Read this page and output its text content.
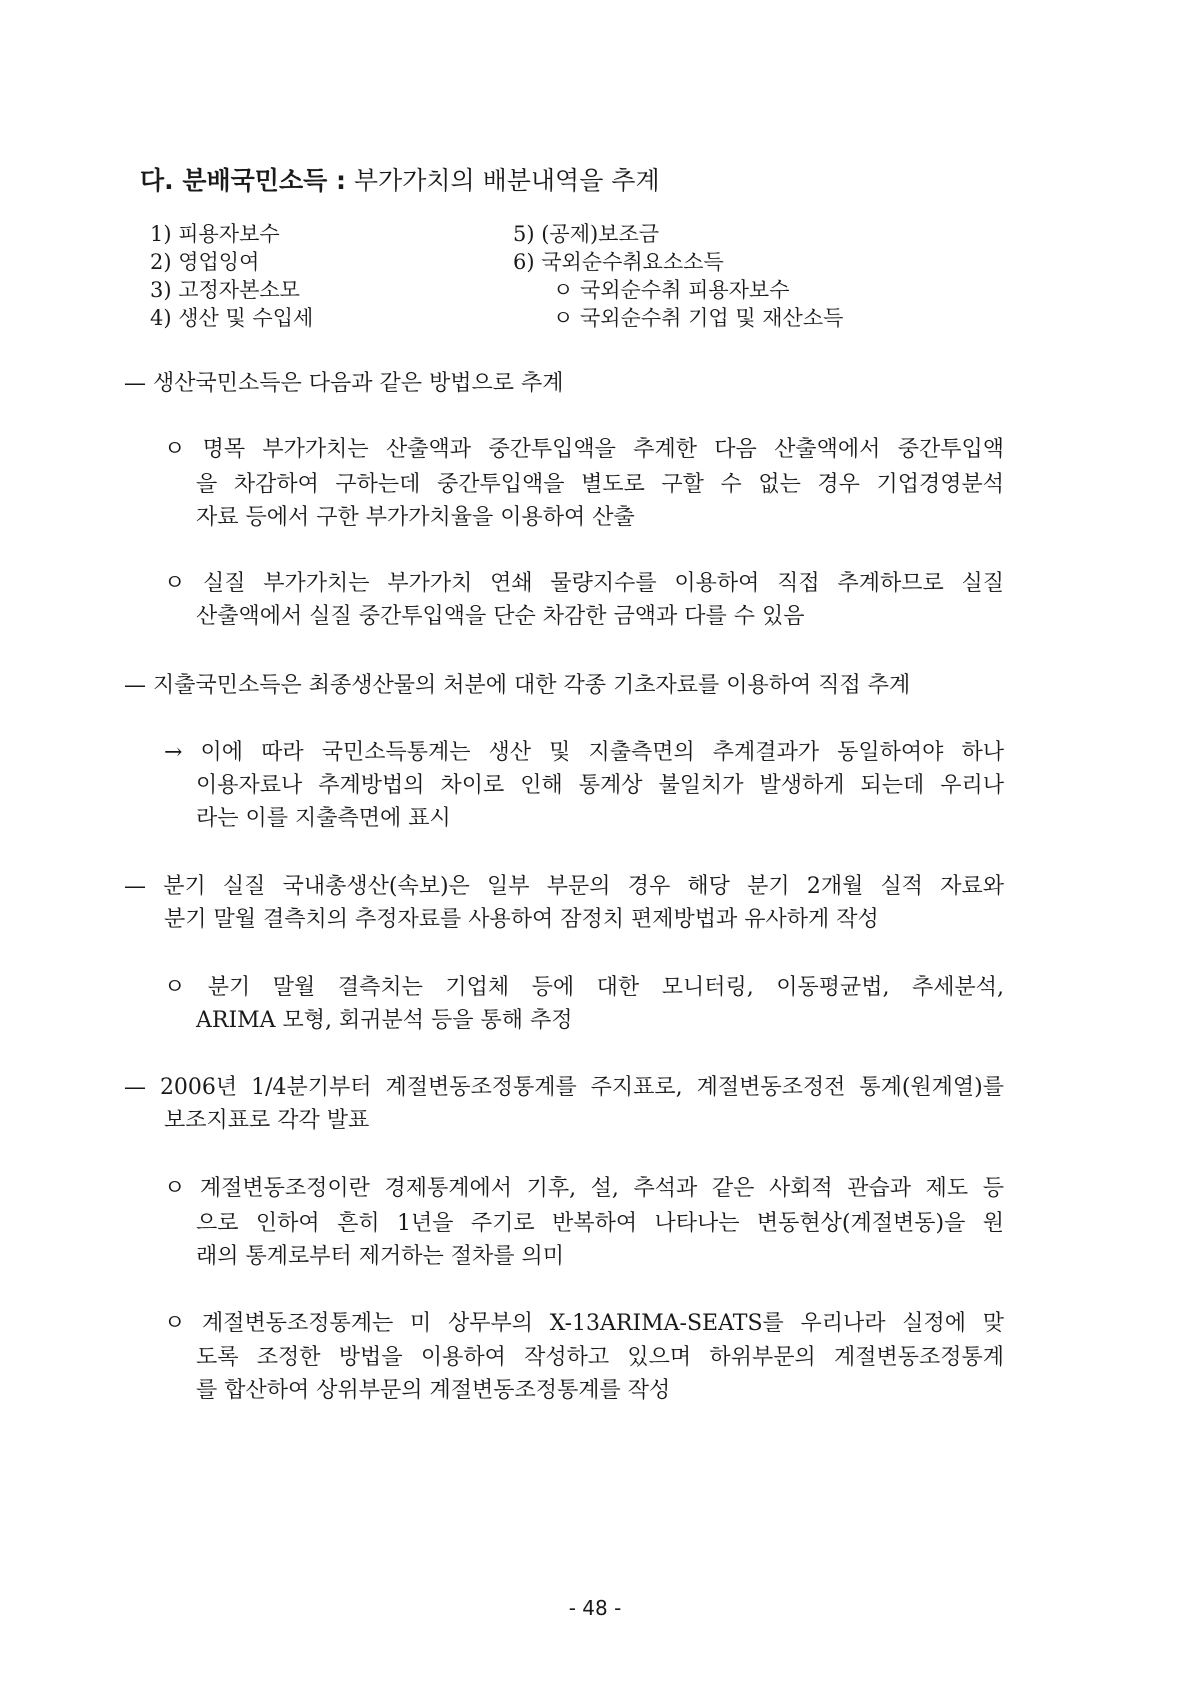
다. 분배국민소득 : 부가가치의 배분내역을 추계
1) 피용자보수
2) 영업잉여
3) 고정자본소모
4) 생산 및 수입세
5) (공제)보조금
6) 국외순수취요소소득
ㅇ 국외순수취 피용자보수
ㅇ 국외순수취 기업 및 재산소득
— 생산국민소득은 다음과 같은 방법으로 추계
ㅇ 명목 부가가치는 산출액과 중간투입액을 추계한 다음 산출액에서 중간투입액
을 차감하여 구하는데 중간투입액을 별도로 구할 수 없는 경우 기업경영분석
자료 등에서 구한 부가가치율을 이용하여 산출
ㅇ 실질 부가가치는 부가가치 연쇄 물량지수를 이용하여 직접 추계하므로 실질
산출액에서 실질 중간투입액을 단순 차감한 금액과 다를 수 있음
— 지출국민소득은 최종생산물의 처분에 대한 각종 기초자료를 이용하여 직접 추계
→ 이에 따라 국민소득통계는 생산 및 지출측면의 추계결과가 동일하여야 하나
이용자료나 추계방법의 차이로 인해 통계상 불일치가 발생하게 되는데 우리나
라는 이를 지출측면에 표시
— 분기 실질 국내총생산(속보)은 일부 부문의 경우 해당 분기 2개월 실적 자료와
분기 말월 결측치의 추정자료를 사용하여 잠정치 편제방법과 유사하게 작성
ㅇ 분기 말월 결측치는 기업체 등에 대한 모니터링, 이동평균법, 추세분석,
ARIMA 모형, 회귀분석 등을 통해 추정
— 2006년 1/4분기부터 계절변동조정통계를 주지표로, 계절변동조정전 통계(원계열)를
보조지표로 각각 발표
ㅇ 계절변동조정이란 경제통계에서 기후, 설, 추석과 같은 사회적 관습과 제도 등
으로 인하여 흔히 1년을 주기로 반복하여 나타나는 변동현상(계절변동)을 원
래의 통계로부터 제거하는 절차를 의미
ㅇ 계절변동조정통계는 미 상무부의 X-13ARIMA-SEATS를 우리나라 실정에 맞
도록 조정한 방법을 이용하여 작성하고 있으며 하위부문의 계절변동조정통계
를 합산하여 상위부문의 계절변동조정통계를 작성
- 48 -
